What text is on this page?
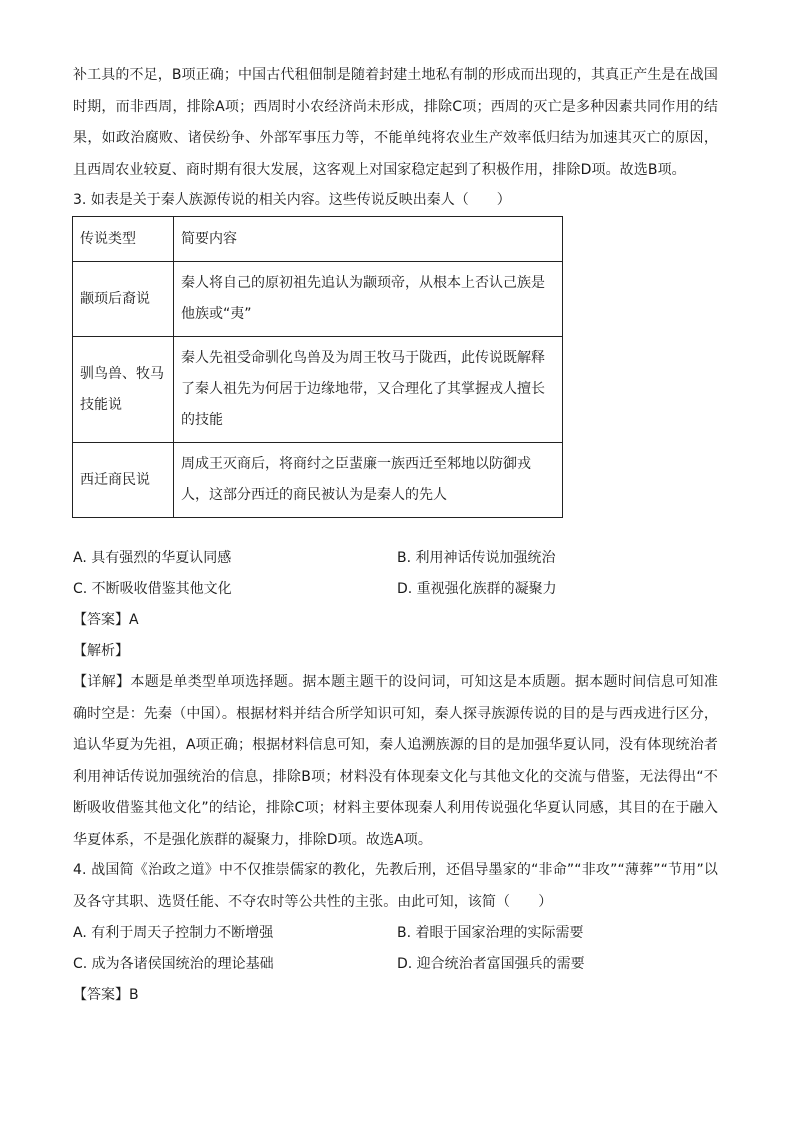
补工具的不足，B项正确；中国古代租佃制是随着封建土地私有制的形成而出现的，其真正产生是在战国时期，而非西周，排除A项；西周时小农经济尚未形成，排除C项；西周的灭亡是多种因素共同作用的结果，如政治腐败、诸侯纷争、外部军事压力等，不能单纯将农业生产效率低归结为加速其灭亡的原因，且西周农业较夏、商时期有很大发展，这客观上对国家稳定起到了积极作用，排除D项。故选B项。

3. 如表是关于秦人族源传说的相关内容。这些传说反映出秦人（　　）

传说类型	简要内容
颛顼后裔说	秦人将自己的原初祖先追认为颛顼帝，从根本上否认己族是他族或“夷”
驯鸟兽、牧马技能说	秦人先祖受命驯化鸟兽及为周王牧马于陇西，此传说既解释了秦人祖先为何居于边缘地带，又合理化了其掌握戎人擅长的技能
西迁商民说	周成王灭商后，将商纣之臣蜚廉一族西迁至邾地以防御戎人，这部分西迁的商民被认为是秦人的先人
A. 具有强烈的华夏认同感	B. 利用神话传说加强统治
C. 不断吸收借鉴其他文化	D. 重视强化族群的凝聚力

【答案】A

【解析】

【详解】本题是单类型单项选择题。据本题主题干的设问词，可知这是本质题。据本题时间信息可知准确时空是：先秦（中国）。根据材料并结合所学知识可知，秦人探寻族源传说的目的是与西戎进行区分，追认华夏为先祖，A项正确；根据材料信息可知，秦人追溯族源的目的是加强华夏认同，没有体现统治者利用神话传说加强统治的信息，排除B项；材料没有体现秦文化与其他文化的交流与借鉴，无法得出“不断吸收借鉴其他文化”的结论，排除C项；材料主要体现秦人利用传说强化华夏认同感，其目的在于融入华夏体系，不是强化族群的凝聚力，排除D项。故选A项。

4. 战国简《治政之道》中不仅推崇儒家的教化，先教后刑，还倡导墨家的“非命”“非攻”“薄葬”“节用”以及各守其职、选贤任能、不夺农时等公共性的主张。由此可知，该简（　　）

A. 有利于周天子控制力不断增强	B. 着眼于国家治理的实际需要
C. 成为各诸侯国统治的理论基础	D. 迎合统治者富国强兵的需要

【答案】B
